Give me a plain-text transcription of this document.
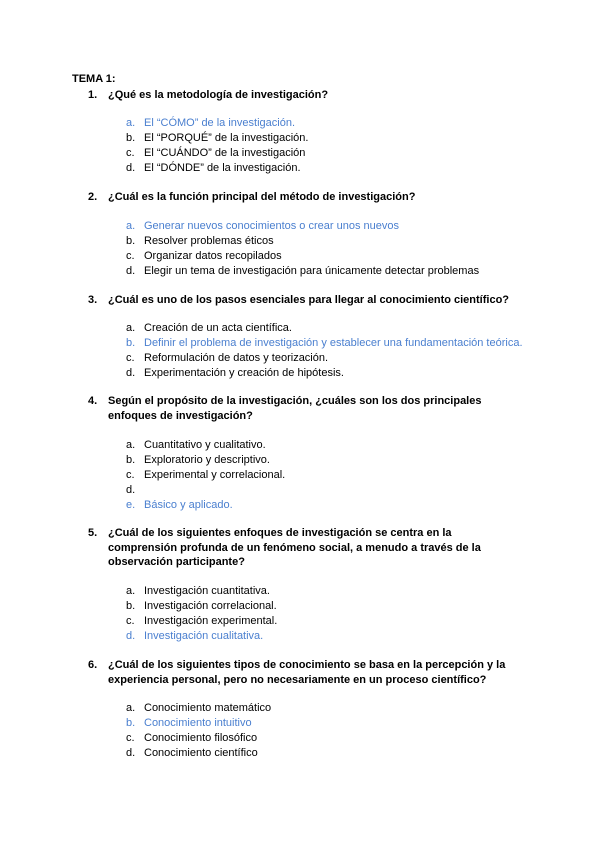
TEMA 1:
1. ¿Qué es la metodología de investigación?
a. El “CÓMO” de la investigación.
b. El “PORQUÉ” de la investigación.
c. El “CUÁNDO” de la investigación
d. El “DÓNDE” de la investigación.
2. ¿Cuál es la función principal del método de investigación?
a. Generar nuevos conocimientos o crear unos nuevos
b. Resolver problemas éticos
c. Organizar datos recopilados
d. Elegir un tema de investigación para únicamente detectar problemas
3. ¿Cuál es uno de los pasos esenciales para llegar al conocimiento científico?
a. Creación de un acta científica.
b. Definir el problema de investigación y establecer una fundamentación teórica.
c. Reformulación de datos y teorización.
d. Experimentación y creación de hipótesis.
4. Según el propósito de la investigación, ¿cuáles son los dos principales enfoques de investigación?
a. Cuantitativo y cualitativo.
b. Exploratorio y descriptivo.
c. Experimental y correlacional.
d.
e. Básico y aplicado.
5. ¿Cuál de los siguientes enfoques de investigación se centra en la comprensión profunda de un fenómeno social, a menudo a través de la observación participante?
a. Investigación cuantitativa.
b. Investigación correlacional.
c. Investigación experimental.
d. Investigación cualitativa.
6. ¿Cuál de los siguientes tipos de conocimiento se basa en la percepción y la experiencia personal, pero no necesariamente en un proceso científico?
a. Conocimiento matemático
b. Conocimiento intuitivo
c. Conocimiento filosófico
d. Conocimiento científico
